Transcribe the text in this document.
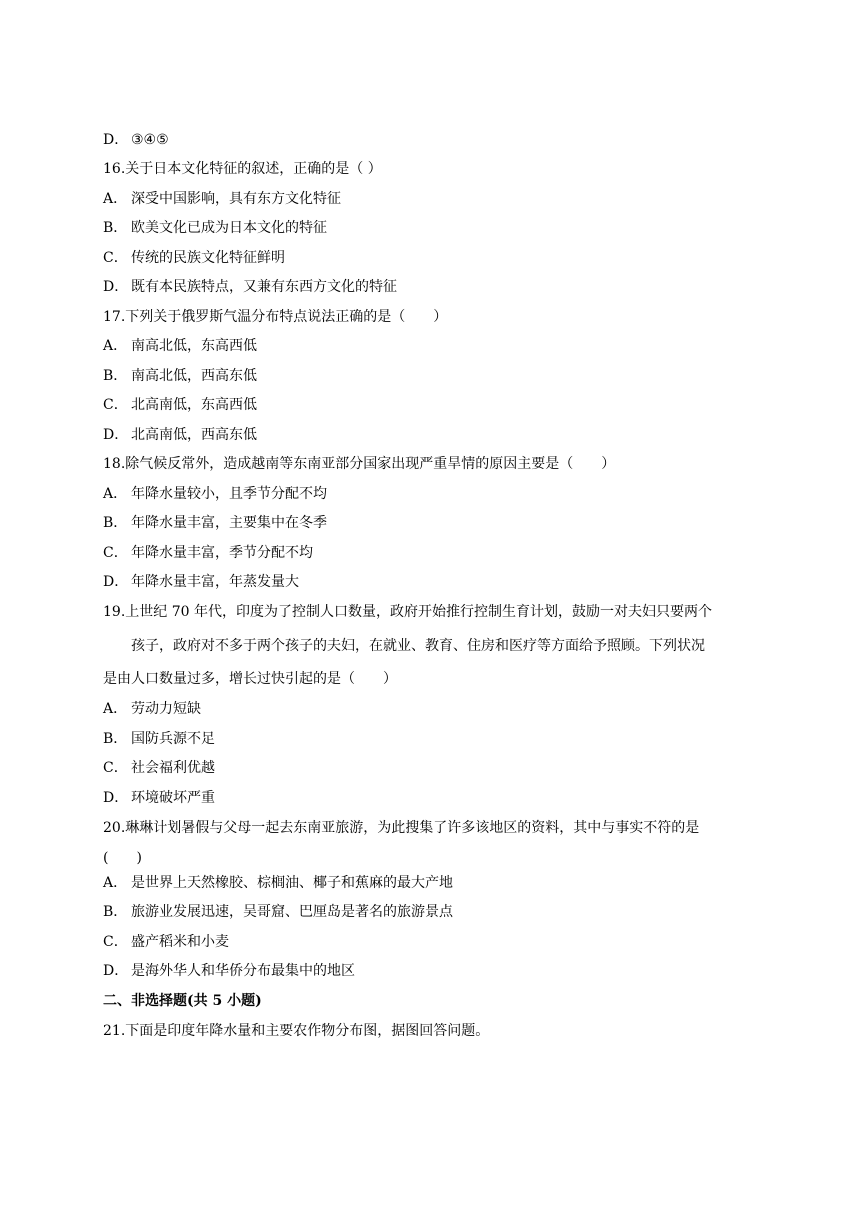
D． ③④⑤
16.关于日本文化特征的叙述，正确的是（ ）
A． 深受中国影响，具有东方文化特征
B． 欧美文化已成为日本文化的特征
C． 传统的民族文化特征鲜明
D． 既有本民族特点，又兼有东西方文化的特征
17.下列关于俄罗斯气温分布特点说法正确的是（　　）
A． 南高北低，东高西低
B． 南高北低，西高东低
C． 北高南低，东高西低
D． 北高南低，西高东低
18.除气候反常外，造成越南等东南亚部分国家出现严重旱情的原因主要是（　　）
A． 年降水量较小，且季节分配不均
B． 年降水量丰富，主要集中在冬季
C． 年降水量丰富，季节分配不均
D． 年降水量丰富，年蒸发量大
19.上世纪 70 年代，印度为了控制人口数量，政府开始推行控制生育计划，鼓励一对夫妇只要两个
孩子，政府对不多于两个孩子的夫妇，在就业、教育、住房和医疗等方面给予照顾。下列状况
是由人口数量过多，增长过快引起的是（　　）
A． 劳动力短缺
B． 国防兵源不足
C． 社会福利优越
D． 环境破坏严重
20.琳琳计划暑假与父母一起去东南亚旅游，为此搜集了许多该地区的资料，其中与事实不符的是
(　　)
A． 是世界上天然橡胶、棕榈油、椰子和蕉麻的最大产地
B． 旅游业发展迅速，吴哥窟、巴厘岛是著名的旅游景点
C． 盛产稻米和小麦
D． 是海外华人和华侨分布最集中的地区
二、非选择题(共 5 小题)
21.下面是印度年降水量和主要农作物分布图，据图回答问题。
